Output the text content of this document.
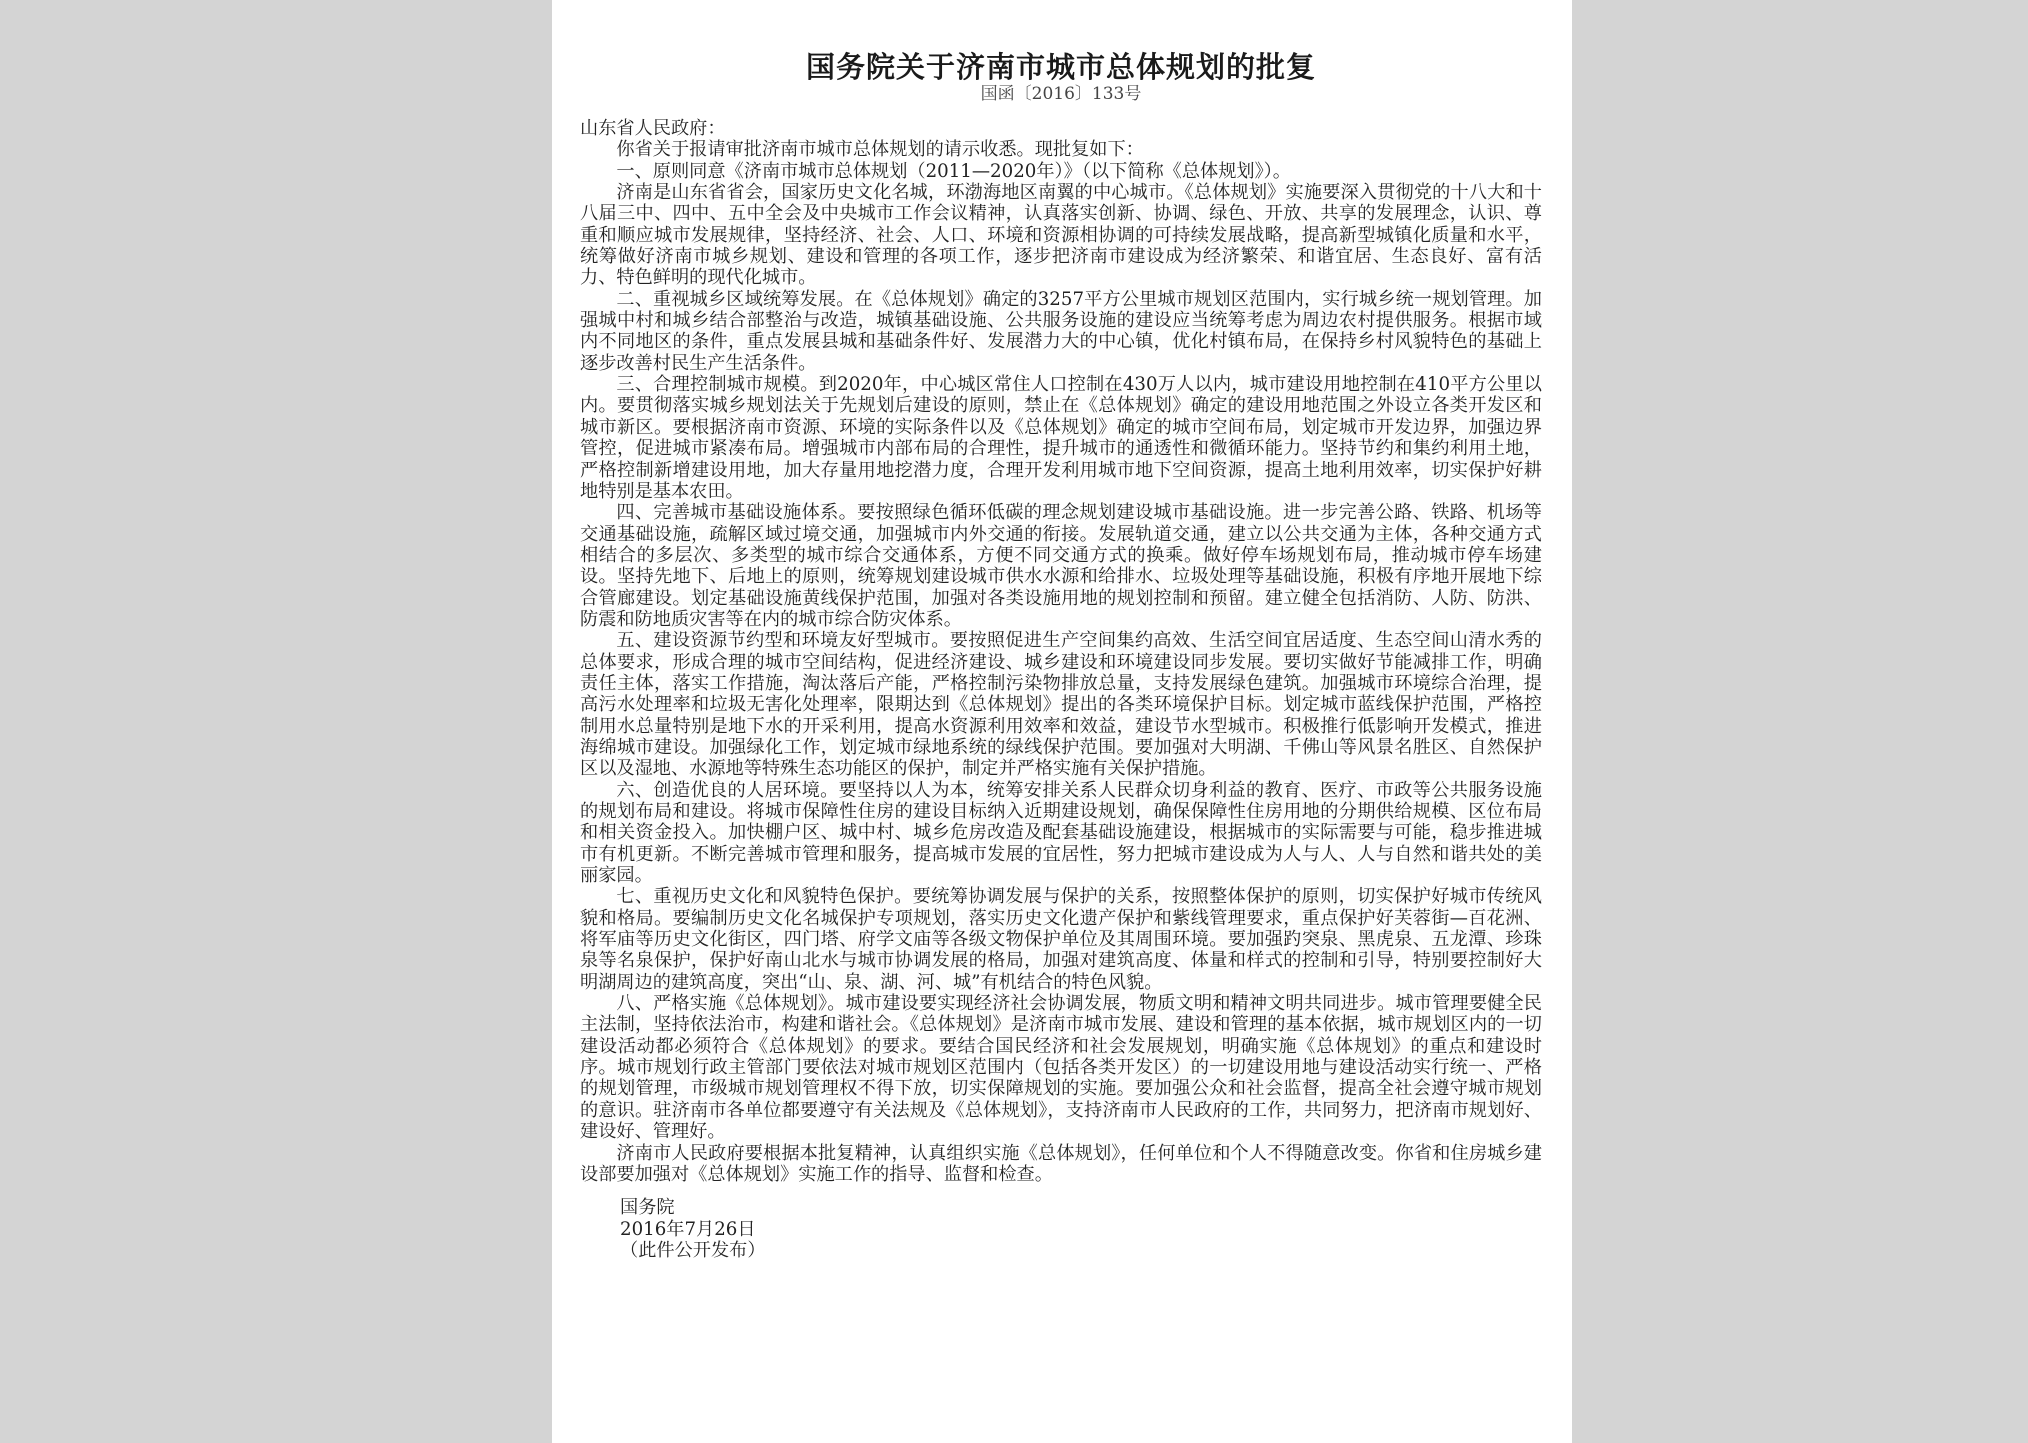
国务院关于济南市城市总体规划的批复
国函〔2016〕133号

山东省人民政府：

你省关于报请审批济南市城市总体规划的请示收悉。现批复如下：

一、原则同意《济南市城市总体规划（2011—2020年）》（以下简称《总体规划》）。

济南是山东省省会，国家历史文化名城，环渤海地区南翼的中心城市。《总体规划》实施要深入贯彻党的十八大和十八届三中、四中、五中全会及中央城市工作会议精神，认真落实创新、协调、绿色、开放、共享的发展理念，认识、尊重和顺应城市发展规律，坚持经济、社会、人口、环境和资源相协调的可持续发展战略，提高新型城镇化质量和水平，统筹做好济南市城乡规划、建设和管理的各项工作，逐步把济南市建设成为经济繁荣、和谐宜居、生态良好、富有活力、特色鲜明的现代化城市。

二、重视城乡区域统筹发展。在《总体规划》确定的3257平方公里城市规划区范围内，实行城乡统一规划管理。加强城中村和城乡结合部整治与改造，城镇基础设施、公共服务设施的建设应当统筹考虑为周边农村提供服务。根据市域内不同地区的条件，重点发展县城和基础条件好、发展潜力大的中心镇，优化村镇布局，在保持乡村风貌特色的基础上逐步改善村民生产生活条件。

三、合理控制城市规模。到2020年，中心城区常住人口控制在430万人以内，城市建设用地控制在410平方公里以内。要贯彻落实城乡规划法关于先规划后建设的原则，禁止在《总体规划》确定的建设用地范围之外设立各类开发区和城市新区。要根据济南市资源、环境的实际条件以及《总体规划》确定的城市空间布局，划定城市开发边界，加强边界管控，促进城市紧凑布局。增强城市内部布局的合理性，提升城市的通透性和微循环能力。坚持节约和集约利用土地，严格控制新增建设用地，加大存量用地挖潜力度，合理开发利用城市地下空间资源，提高土地利用效率，切实保护好耕地特别是基本农田。

四、完善城市基础设施体系。要按照绿色循环低碳的理念规划建设城市基础设施。进一步完善公路、铁路、机场等交通基础设施，疏解区域过境交通，加强城市内外交通的衔接。发展轨道交通，建立以公共交通为主体，各种交通方式相结合的多层次、多类型的城市综合交通体系，方便不同交通方式的换乘。做好停车场规划布局，推动城市停车场建设。坚持先地下、后地上的原则，统筹规划建设城市供水水源和给排水、垃圾处理等基础设施，积极有序地开展地下综合管廊建设。划定基础设施黄线保护范围，加强对各类设施用地的规划控制和预留。建立健全包括消防、人防、防洪、防震和防地质灾害等在内的城市综合防灾体系。

五、建设资源节约型和环境友好型城市。要按照促进生产空间集约高效、生活空间宜居适度、生态空间山清水秀的总体要求，形成合理的城市空间结构，促进经济建设、城乡建设和环境建设同步发展。要切实做好节能减排工作，明确责任主体，落实工作措施，淘汰落后产能，严格控制污染物排放总量，支持发展绿色建筑。加强城市环境综合治理，提高污水处理率和垃圾无害化处理率，限期达到《总体规划》提出的各类环境保护目标。划定城市蓝线保护范围，严格控制用水总量特别是地下水的开采利用，提高水资源利用效率和效益，建设节水型城市。积极推行低影响开发模式，推进海绵城市建设。加强绿化工作，划定城市绿地系统的绿线保护范围。要加强对大明湖、千佛山等风景名胜区、自然保护区以及湿地、水源地等特殊生态功能区的保护，制定并严格实施有关保护措施。

六、创造优良的人居环境。要坚持以人为本，统筹安排关系人民群众切身利益的教育、医疗、市政等公共服务设施的规划布局和建设。将城市保障性住房的建设目标纳入近期建设规划，确保保障性住房用地的分期供给规模、区位布局和相关资金投入。加快棚户区、城中村、城乡危房改造及配套基础设施建设，根据城市的实际需要与可能，稳步推进城市有机更新。不断完善城市管理和服务，提高城市发展的宜居性，努力把城市建设成为人与人、人与自然和谐共处的美丽家园。

七、重视历史文化和风貌特色保护。要统筹协调发展与保护的关系，按照整体保护的原则，切实保护好城市传统风貌和格局。要编制历史文化名城保护专项规划，落实历史文化遗产保护和紫线管理要求，重点保护好芙蓉街—百花洲、将军庙等历史文化街区，四门塔、府学文庙等各级文物保护单位及其周围环境。要加强趵突泉、黑虎泉、五龙潭、珍珠泉等名泉保护，保护好南山北水与城市协调发展的格局，加强对建筑高度、体量和样式的控制和引导，特别要控制好大明湖周边的建筑高度，突出“山、泉、湖、河、城”有机结合的特色风貌。

八、严格实施《总体规划》。城市建设要实现经济社会协调发展，物质文明和精神文明共同进步。城市管理要健全民主法制，坚持依法治市，构建和谐社会。《总体规划》是济南市城市发展、建设和管理的基本依据，城市规划区内的一切建设活动都必须符合《总体规划》的要求。要结合国民经济和社会发展规划，明确实施《总体规划》的重点和建设时序。城市规划行政主管部门要依法对城市规划区范围内（包括各类开发区）的一切建设用地与建设活动实行统一、严格的规划管理，市级城市规划管理权不得下放，切实保障规划的实施。要加强公众和社会监督，提高全社会遵守城市规划的意识。驻济南市各单位都要遵守有关法规及《总体规划》，支持济南市人民政府的工作，共同努力，把济南市规划好、建设好、管理好。

济南市人民政府要根据本批复精神，认真组织实施《总体规划》，任何单位和个人不得随意改变。你省和住房城乡建设部要加强对《总体规划》实施工作的指导、监督和检查。

国务院
2016年7月26日
（此件公开发布）
